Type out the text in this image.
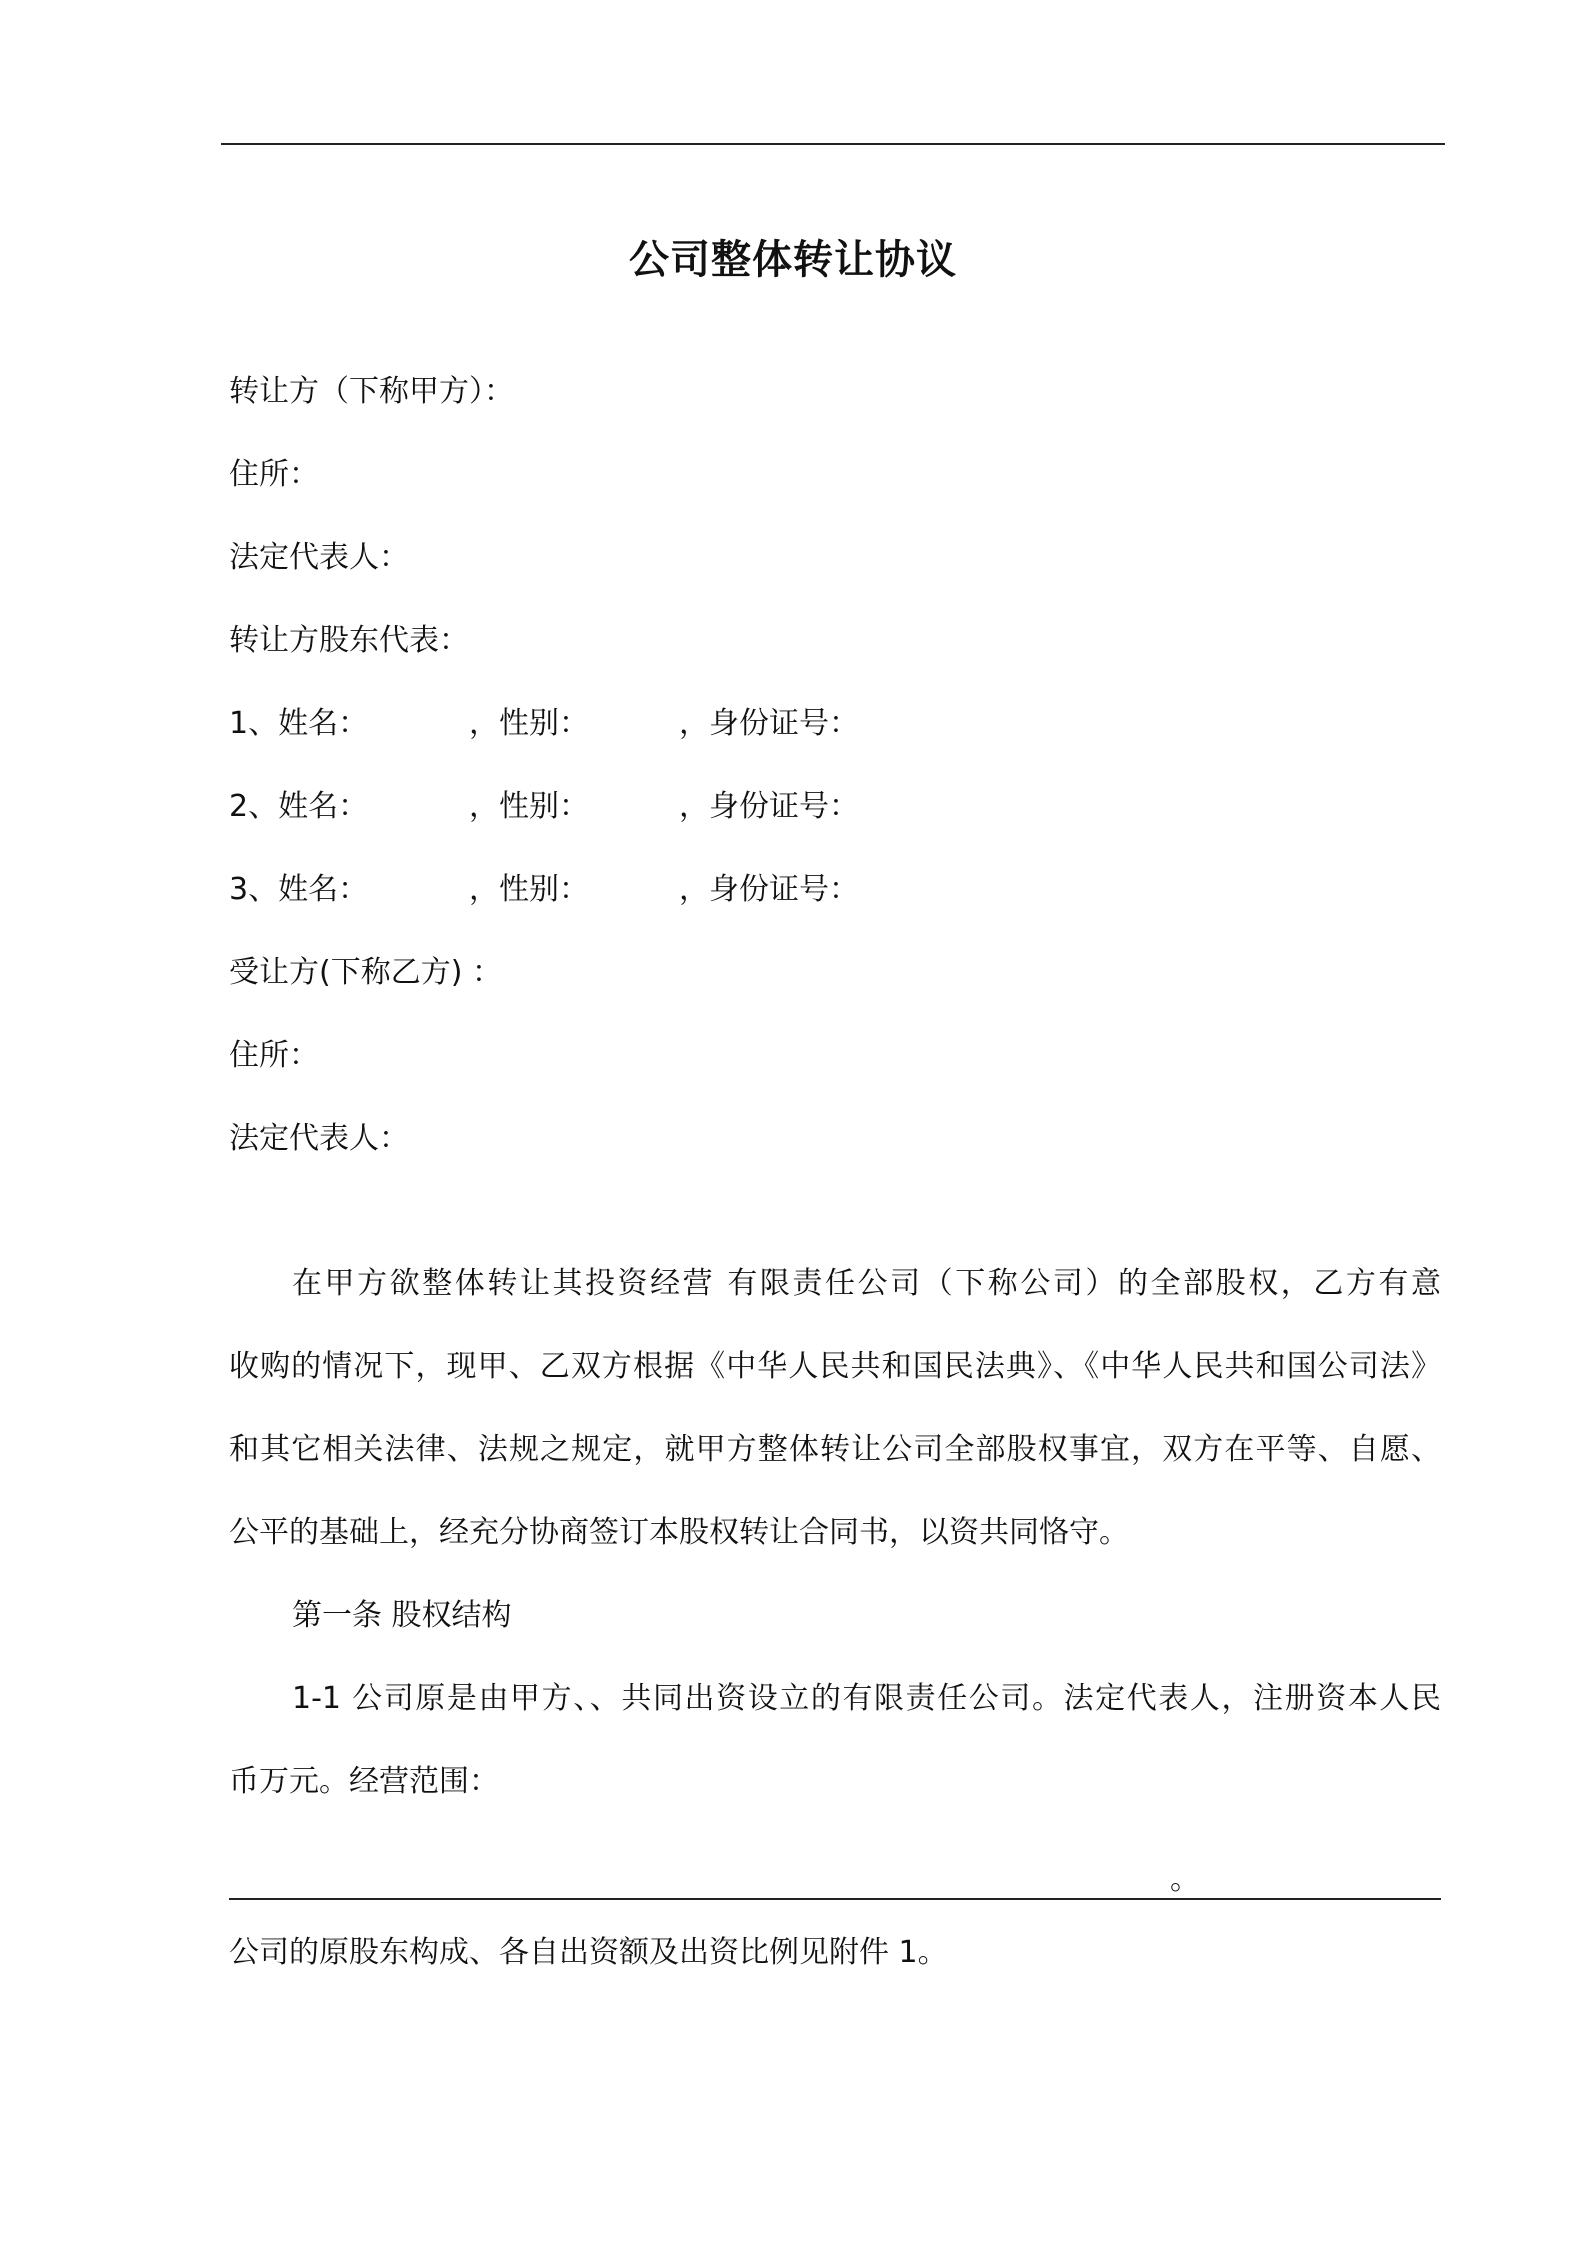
公司整体转让协议
转让方（下称甲方）：
住所：
法定代表人：
转让方股东代表：
1、姓名：	，性别：	，身份证号：
2、姓名：	，性别：	，身份证号：
3、姓名：	，性别：	，身份证号：
受让方(下称乙方) ：
住所：
法定代表人：
在甲方欲整体转让其投资经营 有限责任公司（下称公司）的全部股权，乙方有意
收购的情况下，现甲、乙双方根据《中华人民共和国民法典》、《中华人民共和国公司法》
和其它相关法律、法规之规定，就甲方整体转让公司全部股权事宜，双方在平等、自愿、
公平的基础上，经充分协商签订本股权转让合同书，以资共同恪守。
第一条 股权结构
1-1 公司原是由甲方、、共同出资设立的有限责任公司。法定代表人，注册资本人民
币万元。经营范围：
。
公司的原股东构成、各自出资额及出资比例见附件 1。
